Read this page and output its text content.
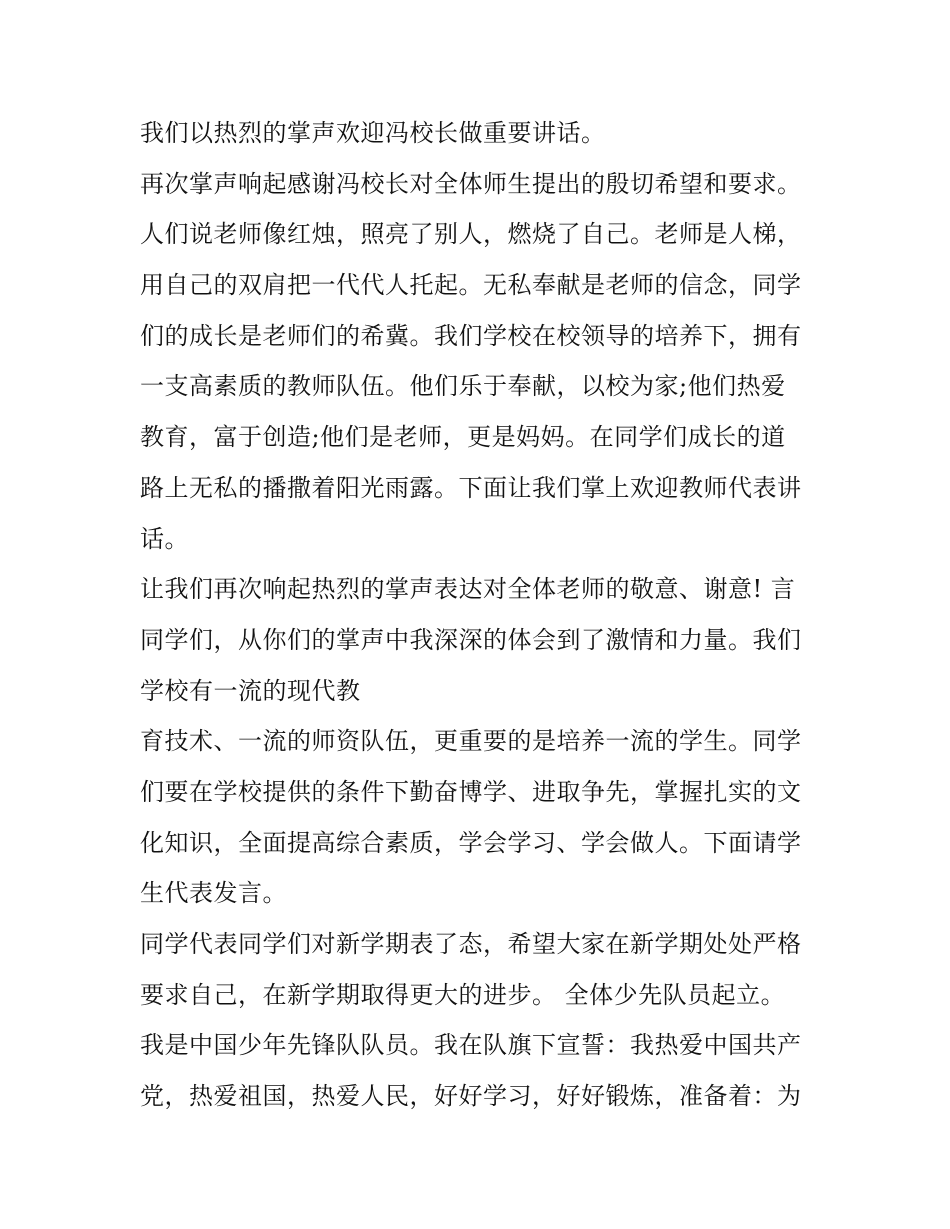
我们以热烈的掌声欢迎冯校长做重要讲话。
再次掌声响起感谢冯校长对全体师生提出的殷切希望和要求。
人们说老师像红烛，照亮了别人，燃烧了自己。老师是人梯，
用自己的双肩把一代代人托起。无私奉献是老师的信念，同学
们的成长是老师们的希冀。我们学校在校领导的培养下，拥有
一支高素质的教师队伍。他们乐于奉献，以校为家;他们热爱
教育，富于创造;他们是老师，更是妈妈。在同学们成长的道
路上无私的播撒着阳光雨露。下面让我们掌上欢迎教师代表讲
话。
让我们再次响起热烈的掌声表达对全体老师的敬意、谢意! 言
同学们，从你们的掌声中我深深的体会到了激情和力量。我们
学校有一流的现代教
育技术、一流的师资队伍，更重要的是培养一流的学生。同学
们要在学校提供的条件下勤奋博学、进取争先，掌握扎实的文
化知识，全面提高综合素质，学会学习、学会做人。下面请学
生代表发言。
同学代表同学们对新学期表了态，希望大家在新学期处处严格
要求自己，在新学期取得更大的进步。 全体少先队员起立。
我是中国少年先锋队队员。我在队旗下宣誓：我热爱中国共产
党，热爱祖国，热爱人民，好好学习，好好锻炼，准备着：为
